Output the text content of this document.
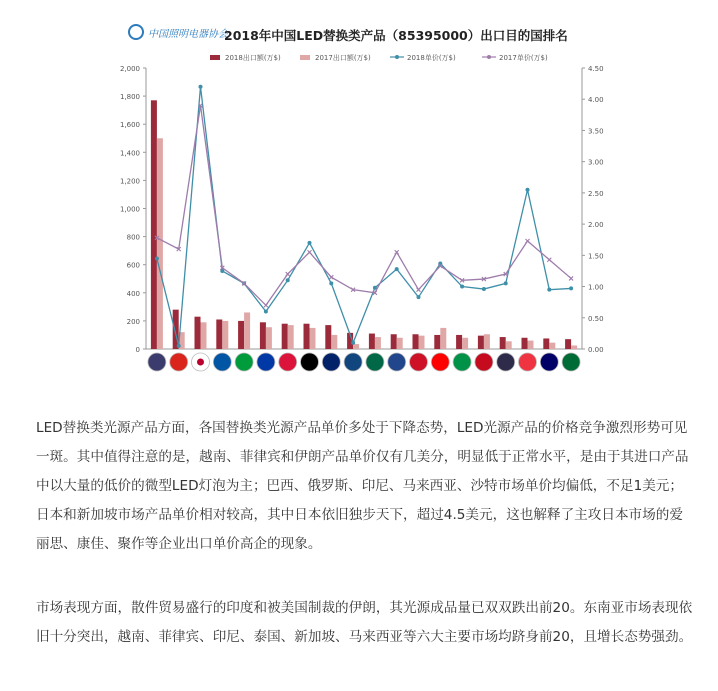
中国照明电器协会
2018年中国LED替换类产品（85395000）出口目的国排名
0
200
400
600
800
1,000
1,200
1,400
1,600
1,800
2,000
0.00
0.50
1.00
1.50
2.00
2.50
3.00
3.50
4.00
4.50
2018出口额(万$)	2017出口额(万$)	2018单价(万$)	2017单价(万$)

LED替换类光源产品方面，各国替换类光源产品单价多处于下降态势，LED光源产品的价格竞争激烈形势可见一斑。其中值得注意的是，越南、菲律宾和伊朗产品单价仅有几美分，明显低于正常水平，是由于其进口产品中以大量的低价的微型LED灯泡为主；巴西、俄罗斯、印尼、马来西亚、沙特市场单价均偏低，不足1美元；日本和新加坡市场产品单价相对较高，其中日本依旧独步天下，超过4.5美元，这也解释了主攻日本市场的爱丽思、康佳、聚作等企业出口单价高企的现象。

市场表现方面，散件贸易盛行的印度和被美国制裁的伊朗，其光源成品量已双双跌出前20。东南亚市场表现依旧十分突出，越南、菲律宾、印尼、泰国、新加坡、马来西亚等六大主要市场均跻身前20，且增长态势强劲。
